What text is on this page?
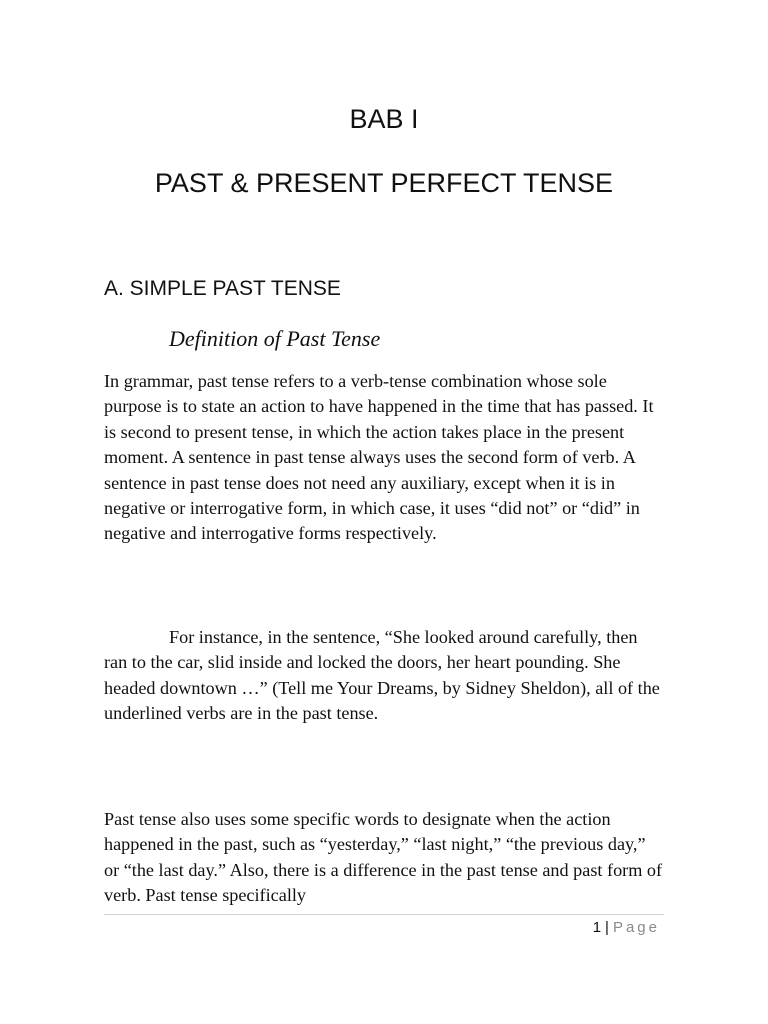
BAB I
PAST & PRESENT PERFECT TENSE
A. SIMPLE PAST TENSE
Definition of Past Tense

In grammar, past tense refers to a verb-tense combination whose sole purpose is to state an action to have happened in the time that has passed. It is second to present tense, in which the action takes place in the present moment. A sentence in past tense always uses the second form of verb. A sentence in past tense does not need any auxiliary, except when it is in negative or interrogative form, in which case, it uses “did not” or “did” in negative and interrogative forms respectively.

For instance, in the sentence, “She looked around carefully, then ran to the car, slid inside and locked the doors, her heart pounding. She headed downtown …” (Tell me Your Dreams, by Sidney Sheldon), all of the underlined verbs are in the past tense.

Past tense also uses some specific words to designate when the action happened in the past, such as “yesterday,” “last night,” “the previous day,” or “the last day.” Also, there is a difference in the past tense and past form of verb. Past tense specifically

1 | Page
